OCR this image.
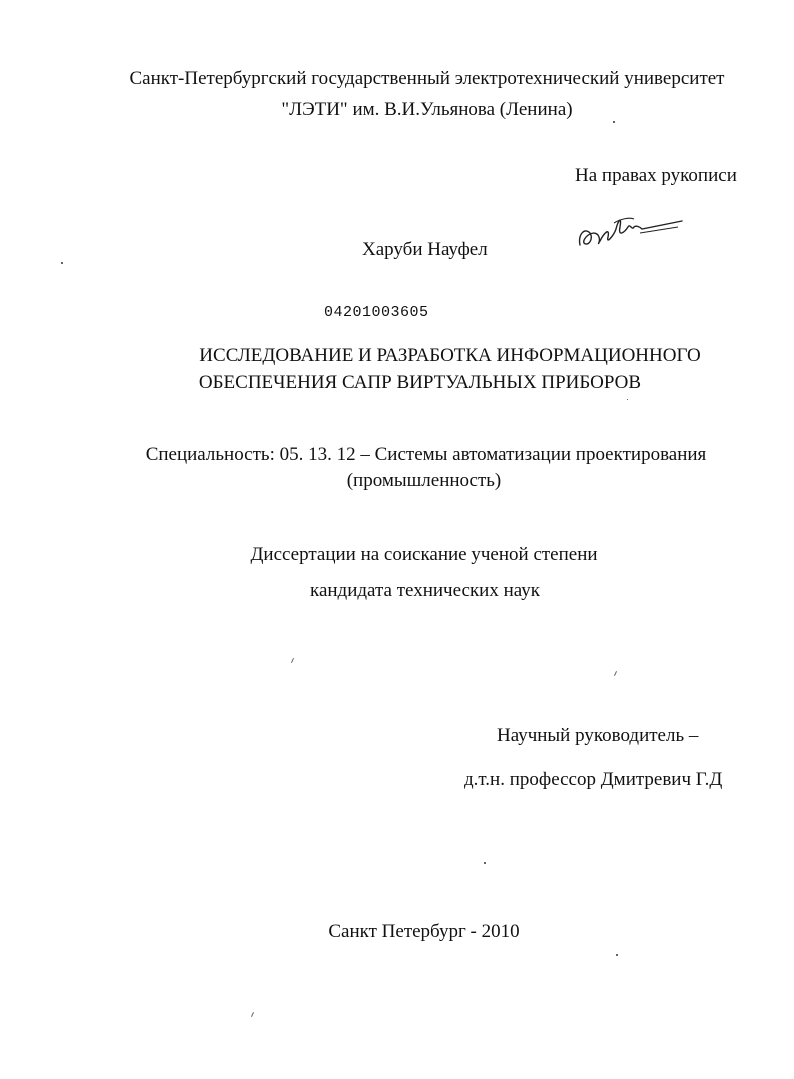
Санкт-Петербургский государственный электротехнический университет
"ЛЭТИ" им. В.И.Ульянова (Ленина)
На правах рукописи
Харуби Науфел
04201003605
ИССЛЕДОВАНИЕ И РАЗРАБОТКА ИНФОРМАЦИОННОГО
ОБЕСПЕЧЕНИЯ САПР ВИРТУАЛЬНЫХ ПРИБОРОВ
Специальность: 05. 13. 12 – Системы автоматизации проектирования
(промышленность)
Диссертации на соискание ученой степени
кандидата технических наук
Научный руководитель –
д.т.н. профессор Дмитревич Г.Д
Санкт Петербург - 2010
